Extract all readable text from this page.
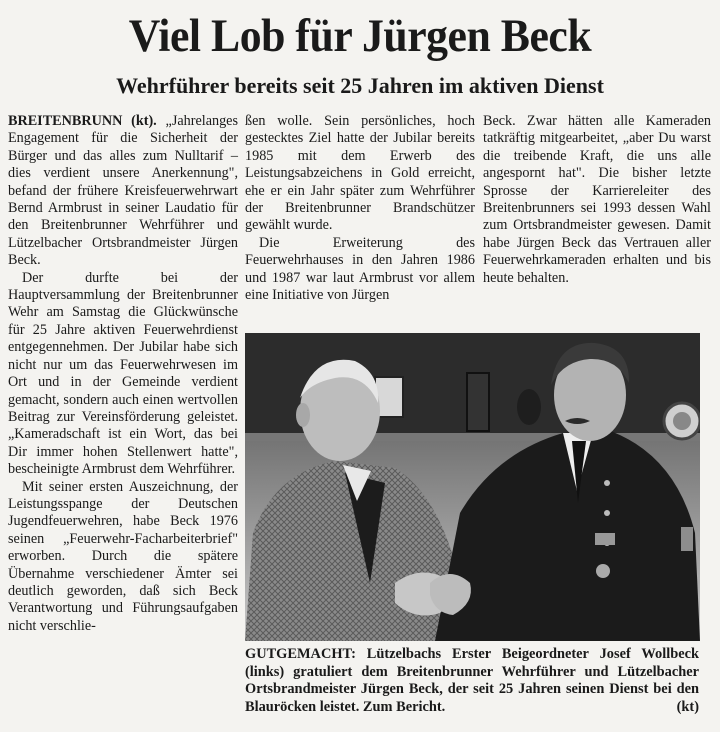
Viel Lob für Jürgen Beck
Wehrführer bereits seit 25 Jahren im aktiven Dienst

BREITENBRUNN (kt). „Jahrelanges Engagement für die Sicherheit der Bürger und das alles zum Nulltarif – dies verdient unsere Anerkennung", befand der frühere Kreisfeuerwehrwart Bernd Armbrust in seiner Laudatio für den Breitenbrunner Wehrführer und Lützelbacher Ortsbrandmeister Jürgen Beck.

Der durfte bei der Hauptversammlung der Breitenbrunner Wehr am Samstag die Glückwünsche für 25 Jahre aktiven Feuerwehrdienst entgegennehmen. Der Jubilar habe sich nicht nur um das Feuerwehrwesen im Ort und in der Gemeinde verdient gemacht, sondern auch einen wertvollen Beitrag zur Vereinsförderung geleistet. „Kameradschaft ist ein Wort, das bei Dir immer hohen Stellenwert hatte", bescheinigte Armbrust dem Wehrführer.

Mit seiner ersten Auszeichnung, der Leistungsspange der Deutschen Jugendfeuerwehren, habe Beck 1976 seinen „Feuerwehr-Facharbeiterbrief" erworben. Durch die spätere Übernahme verschiedener Ämter sei deutlich geworden, daß sich Beck Verantwortung und Führungsaufgaben nicht verschlie-

ßen wolle. Sein persönliches, hoch gestecktes Ziel hatte der Jubilar bereits 1985 mit dem Erwerb des Leistungsabzeichens in Gold erreicht, ehe er ein Jahr später zum Wehrführer der Breitenbrunner Brandschützer gewählt wurde.

Die Erweiterung des Feuerwehrhauses in den Jahren 1986 und 1987 war laut Armbrust vor allem eine Initiative von Jürgen

Beck. Zwar hätten alle Kameraden tatkräftig mitgearbeitet, „aber Du warst die treibende Kraft, die uns alle angespornt hat". Die bisher letzte Sprosse der Karriereleiter des Breitenbrunners sei 1993 dessen Wahl zum Ortsbrandmeister gewesen. Damit habe Jürgen Beck das Vertrauen aller Feuerwehrkameraden erhalten und bis heute behalten.

GUTGEMACHT: Lützelbachs Erster Beigeordneter Josef Wollbeck (links) gratuliert dem Breitenbrunner Wehrführer und Lützelbacher Ortsbrandmeister Jürgen Beck, der seit 25 Jahren seinen Dienst bei den Blauröcken leistet. Zum Bericht.	(kt)
